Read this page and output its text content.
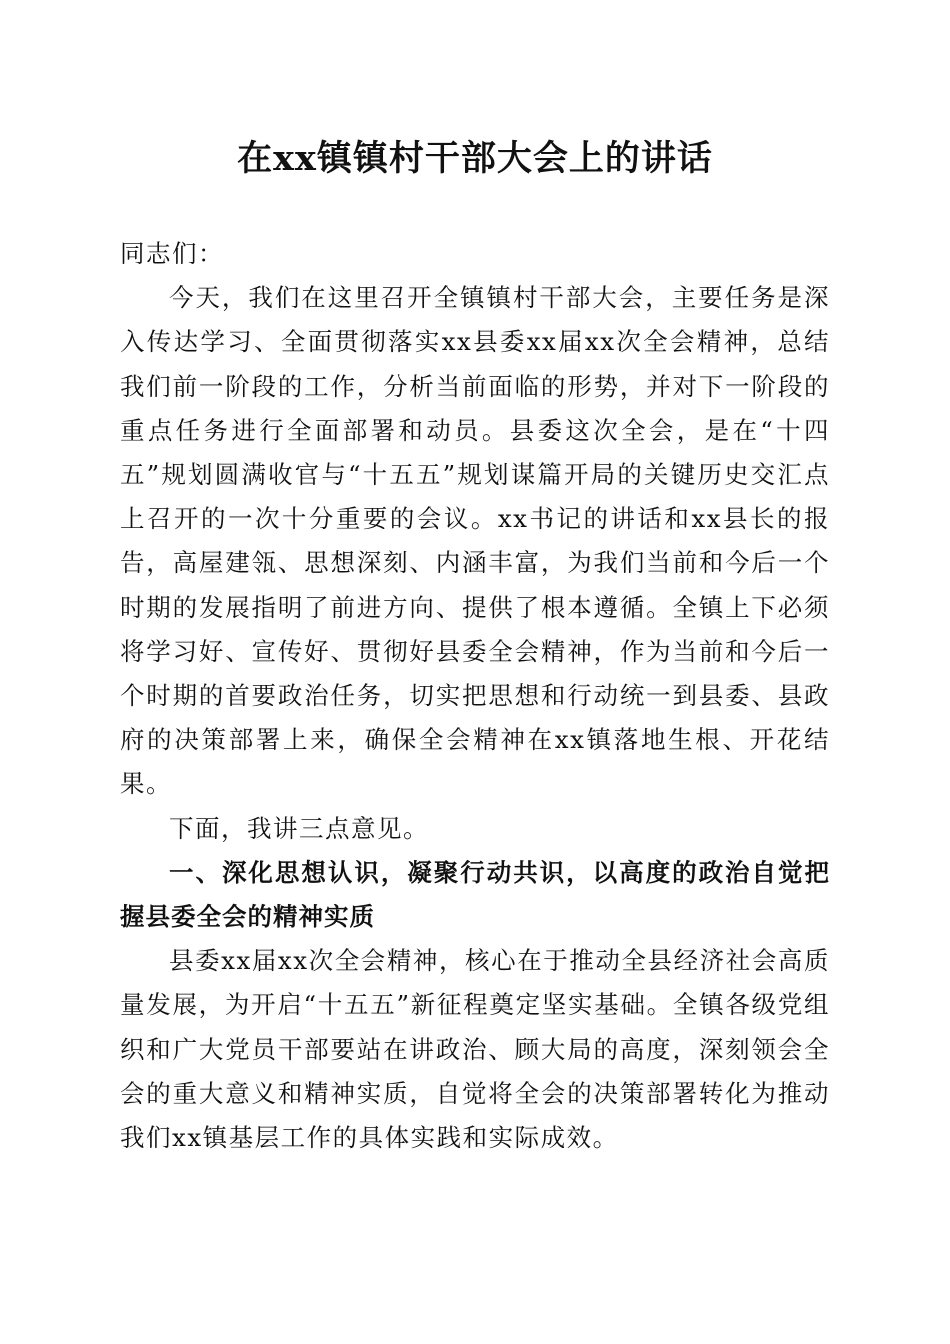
在xx镇镇村干部大会上的讲话

同志们：

今天，我们在这里召开全镇镇村干部大会，主要任务是深入传达学习、全面贯彻落实xx县委xx届xx次全会精神，总结我们前一阶段的工作，分析当前面临的形势，并对下一阶段的重点任务进行全面部署和动员。县委这次全会，是在“十四五”规划圆满收官与“十五五”规划谋篇开局的关键历史交汇点上召开的一次十分重要的会议。xx书记的讲话和xx县长的报告，高屋建瓴、思想深刻、内涵丰富，为我们当前和今后一个时期的发展指明了前进方向、提供了根本遵循。全镇上下必须将学习好、宣传好、贯彻好县委全会精神，作为当前和今后一个时期的首要政治任务，切实把思想和行动统一到县委、县政府的决策部署上来，确保全会精神在xx镇落地生根、开花结果。

下面，我讲三点意见。

一、深化思想认识，凝聚行动共识，以高度的政治自觉把握县委全会的精神实质

县委xx届xx次全会精神，核心在于推动全县经济社会高质量发展，为开启“十五五”新征程奠定坚实基础。全镇各级党组织和广大党员干部要站在讲政治、顾大局的高度，深刻领会全会的重大意义和精神实质，自觉将全会的决策部署转化为推动我们xx镇基层工作的具体实践和实际成效。
